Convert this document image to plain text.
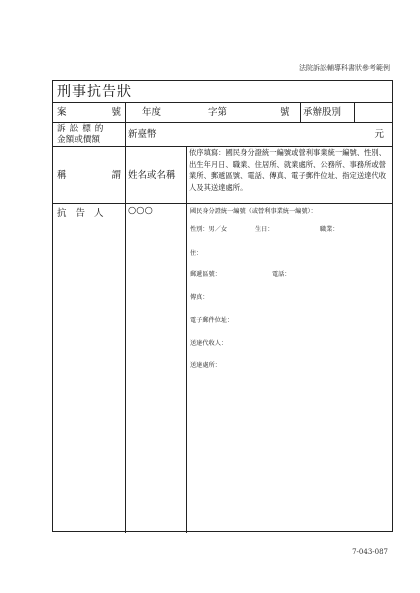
法院訴訟輔導科書狀參考範例
刑事抗告狀
案	號 年度	字第	號	承辦股別
訴訟標的
金額或價額	新臺幣	元
稱	謂 姓名或名稱
依序填寫：國民身分證統一編號或營利事業統一編號、性別、出生年月日、職業、住居所、就業處所、公務所、事務所或營業所、郵遞區號、電話、傳真、電子郵件位址、指定送達代收人及其送達處所。
抗告人	○○○	國民身分證統一編號（或營利事業統一編號）：
性別：男／女	生日：	職業：
住：
郵遞區號：	電話：
傳真：
電子郵件位址：
送達代收人：
送達處所：
7-043-087
